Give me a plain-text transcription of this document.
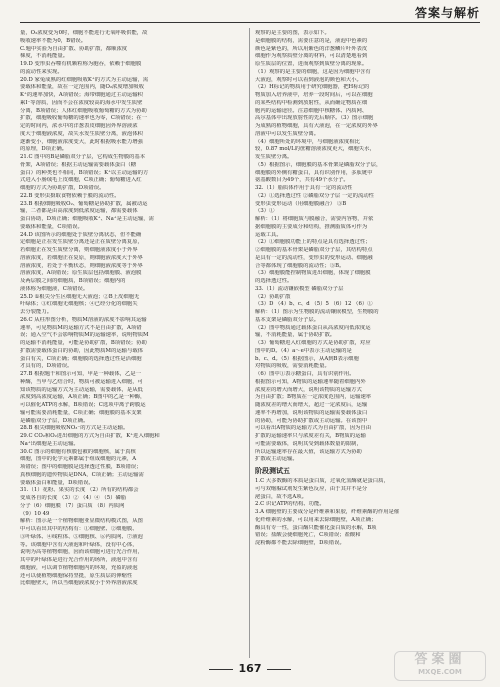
答案与解析
量，O₂浓度变为0时，细胞不能进行无氧呼吸供能，故
吸收速率不能为0，B错误。
C.题中实验为自由扩散、协助扩散，都顺浓度
梯度，不消耗能量。
19.D 变形虫吞噬有机颗粒称为胞吞，依赖于细胞膜
的流动性来实现。
20.D 家兔成熟的红细胞吸收K⁺的方式为主动运输，需
要载体和能量，故在一定范围内，随O₂浓度增加吸收
K⁺的速率加快，A项错误；海带细胞通过主动运输积
累I⁻等溶质，因而不会在浓度较高的海水中发生质壁
分离，B项错误；人体红细胞吸收葡萄糖的方式为协助
扩散，细胞吸收葡萄糖的速率也为零，C项错误；在一
定的时间内，浓水中的洋葱表皮细胞因外界溶液浓
度大于细胞液浓度，故失水发生质壁分离，液泡体积
逐渐变小，细胞液浓度变大，此时根据吸水能力增强
的原理，D项正确。
21.C 图中的B是磷脂双分子层，它构成生物膜的基本
骨架，A项错误；根据主动运输需要载体蛋白（糖
蛋白）的种类也不相同，B项错误；K⁺以主动运输的方
式进入小肠绒毛上皮细胞，C项正确；葡萄糖进入红
细胞的方式为协助扩散，D项错误。
22.B 变形虫摄取食物依赖于膜的流动性。
23.B 根据细胞吸收O₂、葡萄糖是协助扩散，属被动运
输，二者都是由高浓度到低浓度运输，都需要载体
蛋白协助，D项正确；细胞吸收K⁺、Na⁺是主动运输，需
要载体和能量，C项错误。
24.D 该图所示的细胞处于质壁分离状态，但不能确
定细胞是正在发生质壁分离还是正在质壁分离复原，
若细胞正在发生质壁分离，则细胞液浓度小于外界
溶液浓度，若细胞正在复原，则细胞液浓度大于外界
溶液浓度，若处于平衡状态，则细胞液浓度等于外界
溶液浓度，A项错误；原生质层包括细胞膜、液泡膜
及两层膜之间的细胞质，B项错误；细胞内的
液体称为细胞液，C项错误。
25.D ①根尖分生区细胞无大液泡；②B上皮细胞无
叶绿体；③红细胞无细胞核；④已经分化的细胞失
去分裂能力。
26.C 从柱形图分析，物质M溶液的浓度不影响其运输
速率，可见物质M的运输方式不是自由扩散，A项错
误；通入空气不会影响物质M的运输速率，说明物质M
的运输不消耗能量，可能是协助扩散，B项错误；协助
扩散需要载体蛋白的协助，因此物质M的运输与载体
蛋白有关，C项正确；细胞膜的选择透过性是活细胞
才具有的，D项错误。
27.B 根据题干和图示可知，甲是一种载体，乙是一
种酶，当甲与乙结合时，物质可被运输进入细胞，可
知该物质的运输方式为主动运输，需要载体，是从低
浓度到高浓度运输，A项正确；B图中的乙是一种酶，
可以催化ATP的水解，B项错误；C选项中离子跨膜运
输可能需要消耗能量，C项正确；细胞膜的基本支架
是磷脂双分子层，D项正确。
28.B 根尖细胞吸收NO₃⁻的方式是主动运输。
29.C CO₂和O₂进出细胞的方式为自由扩散，K⁺进入细胞和
Na⁺出细胞是主动运输。
30.C 图示的细胞有核膜包被的细胞核，属于真核
细胞，图中的化学元素都属于组成细胞的元素，A
项错误；图中的细胞膜是选择透过性膜，B项错误；
真核细胞的遗传物质是DNA，C项正确；主动运输需
要载体蛋白和能量，D项错误。
31.（1）花粉、果实的长度 （2）所有的结构都会
变成各自的长度 （3）② （4）④ （5）磷脂
分子（6）细胞膜 （7）蛋白质 （8）内质网
（9）10 49
解析：图示是一个植物细胞亚显微结构模式图，从图
中可以看出其中的结构有：①细胞壁、②细胞膜、
③叶绿体、④线粒体、⑤细胞核、⑥内质网、⑦液泡
等。该细胞中含有大液泡和叶绿体，没有中心体，
说明为高等植物细胞，因而该细胞可进行光合作用，
其中的叶绿体是进行光合作用的场所，液泡中含有
细胞液，可以调节植物细胞内的环境，充盈的液泡
还可以使植物细胞保持坚挺，原生质层的伸缩性
比细胞壁大，所以当细胞液浓度小于外界溶液浓度
观察的是主要的图，表示如下。
是细胞膜的结构，需要注意的是，液泡中色素的
颜色是紫色的，所以用紫色的洋葱鳞片叶外表皮
细胞作为观察质壁分离的材料，可以清楚地看到
原生质层的位置，进而观察到质壁分离的现象。
（1）观察的是主要的细胞，这是因为细胞中含有
大液泡，观察时可以看到液泡的颜色和大小。
（2）H标记的物质用于研究细胞器，把H标记的
物质加入培养液中，培养一段时间后，可以在细胞
的某些结构中检测到放射性，从而确定物质在细
胞内的运输途径。注意细胞中核糖体、内质网、
高尔基体中出现放射性的先后顺序。（3）图示细胞
为成熟的植物细胞，具有大液泡，在一定浓度的外界
溶液中可以发生质壁分离。
（4）细胞所处的环境中，与细胞液浓度相比
较，0.87 mol/L的蔗糖溶液浓度更大，细胞失水，
发生质壁分离。
（5）根据图示，细胞膜的基本骨架是磷脂双分子层，
细胞膜的外侧有糖蛋白，具有识别作用，多肽链中
氨基酸数目为49个，共有49个水分子。
32.（1）脂质体作用于具有一定的流动性
（2）①选择透过性 ②磷脂双分子层 一定的流动性
变形虫变形运动（用细胞膜融合） ③B
（3）①
解析：（1）将细胞质与膜融合，需要内容物，并依
据细胞膜的主要成分和结构，推测脂质体可作为
运载工具。
（2）①细胞膜功能上的特点是具有选择透过性；
②细胞膜的基本骨架是磷脂双分子层，其结构特点
是具有一定的流动性，变形虫的变形运动、细胞融
合等都体现了细胞膜的流动性；③B。
（3）细胞膜能控制物质进出细胞，体现了细胞膜
的选择透过性。
33.（1）流动镶嵌模型 磷脂双分子层
（2）协助扩散
（3）D （4）b、c、d （5）5 （6）12 （6）①
解析：（1）图示为生物膜的流动镶嵌模型，生物膜的
基本支架是磷脂双分子层。
（2）图中物质通过载体蛋白从高浓度向低浓度运
输，不消耗能量，属于协助扩散。
（3）葡萄糖进入红细胞的方式是协助扩散，对应
图中的D。（4）a～e中表示主动运输的是
b、c、d。（5）根据图示，从A到B表示细胞
对物质的吸收，需要消耗能量。
（6）图中①表示糖蛋白，具有识别作用。
根据图示可知，A物质的运输速率随着细胞内外
浓度差的增大而增大，说明该物质的运输方式
为自由扩散；B物质在一定浓度范围内，运输速率
随浓度差的增大而增大，超过一定浓度后，运输
速率不再增加，说明该物质的运输需要载体蛋白
的协助，可能为协助扩散或主动运输。在该图中
可以看出A物质的运输方式为自由扩散，因为自由
扩散的运输速率只与浓度差有关，B物质的运输
可能需要载体，说明其受到载体数量的限制，
所以运输速率存在最大值，该运输方式为协助
扩散或主动运输。
阶段测试五
1.C 大多数酶的本质是蛋白质，过氧化氢酶就是蛋白质，
可与双缩脲试剂发生紫色反应，由于其并不是分
泌蛋白，故不选A项。
2.C 识记ATP的结构、功能。
3.A 细胞壁的主要成分是纤维素和果胶，纤维素酶的作用是催
化纤维素的水解，可以用来去除细胞壁，A项正确；
酶具有专一性，蛋白酶只能催化蛋白质的水解，B项
错误；盐酸会使细胞死亡，C项错误；盐酸和
淀粉酶都不能去除细胞壁，D项错误。
167
答案圈
MXQE.COM
